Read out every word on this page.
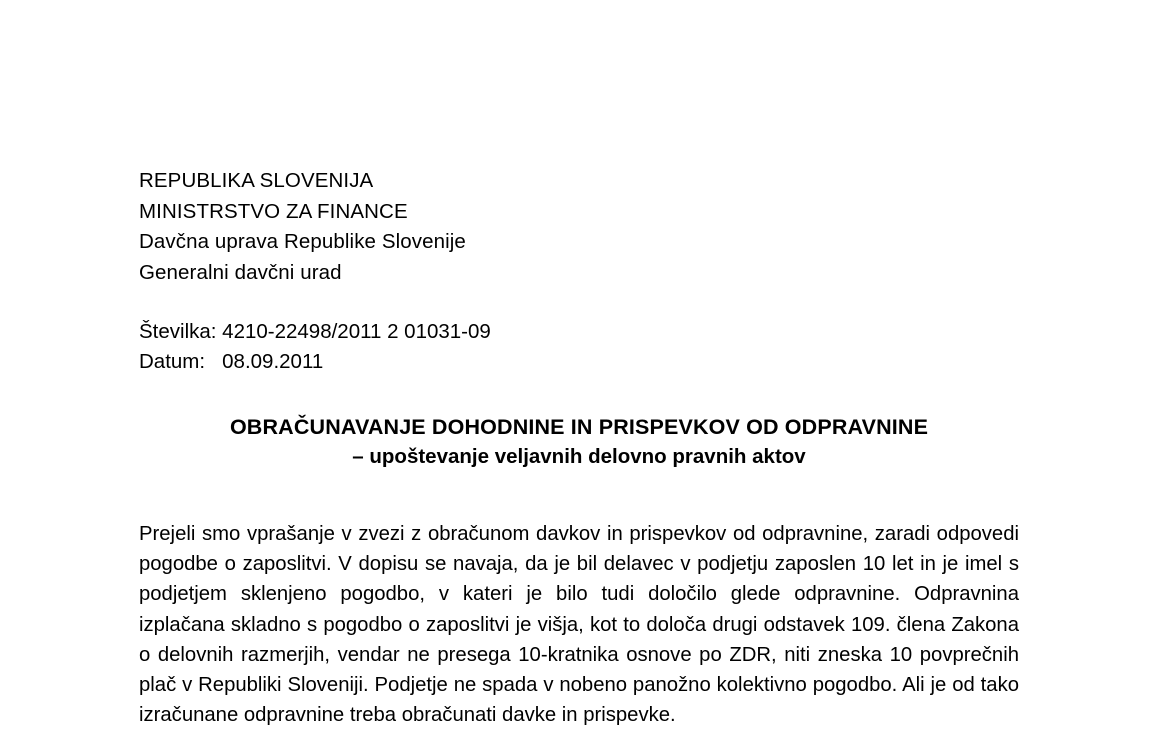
REPUBLIKA SLOVENIJA
MINISTRSTVO ZA FINANCE
Davčna uprava Republike Slovenije
Generalni davčni urad
Številka: 4210-22498/2011 2 01031-09
Datum:   08.09.2011
OBRAČUNAVANJE DOHODNINE IN PRISPEVKOV OD ODPRAVNINE
– upoštevanje veljavnih delovno pravnih aktov

Prejeli smo vprašanje v zvezi z obračunom davkov in prispevkov od odpravnine, zaradi odpovedi pogodbe o zaposlitvi. V dopisu se navaja, da je bil delavec v podjetju zaposlen 10 let in je imel s podjetjem sklenjeno pogodbo, v kateri je bilo tudi določilo glede odpravnine. Odpravnina izplačana skladno s pogodbo o zaposlitvi je višja, kot to določa drugi odstavek 109. člena Zakona o delovnih razmerjih, vendar ne presega 10-kratnika osnove po ZDR, niti zneska 10 povprečnih plač v Republiki Sloveniji. Podjetje ne spada v nobeno panožno kolektivno pogodbo. Ali je od tako izračunane odpravnine treba obračunati davke in prispevke.
